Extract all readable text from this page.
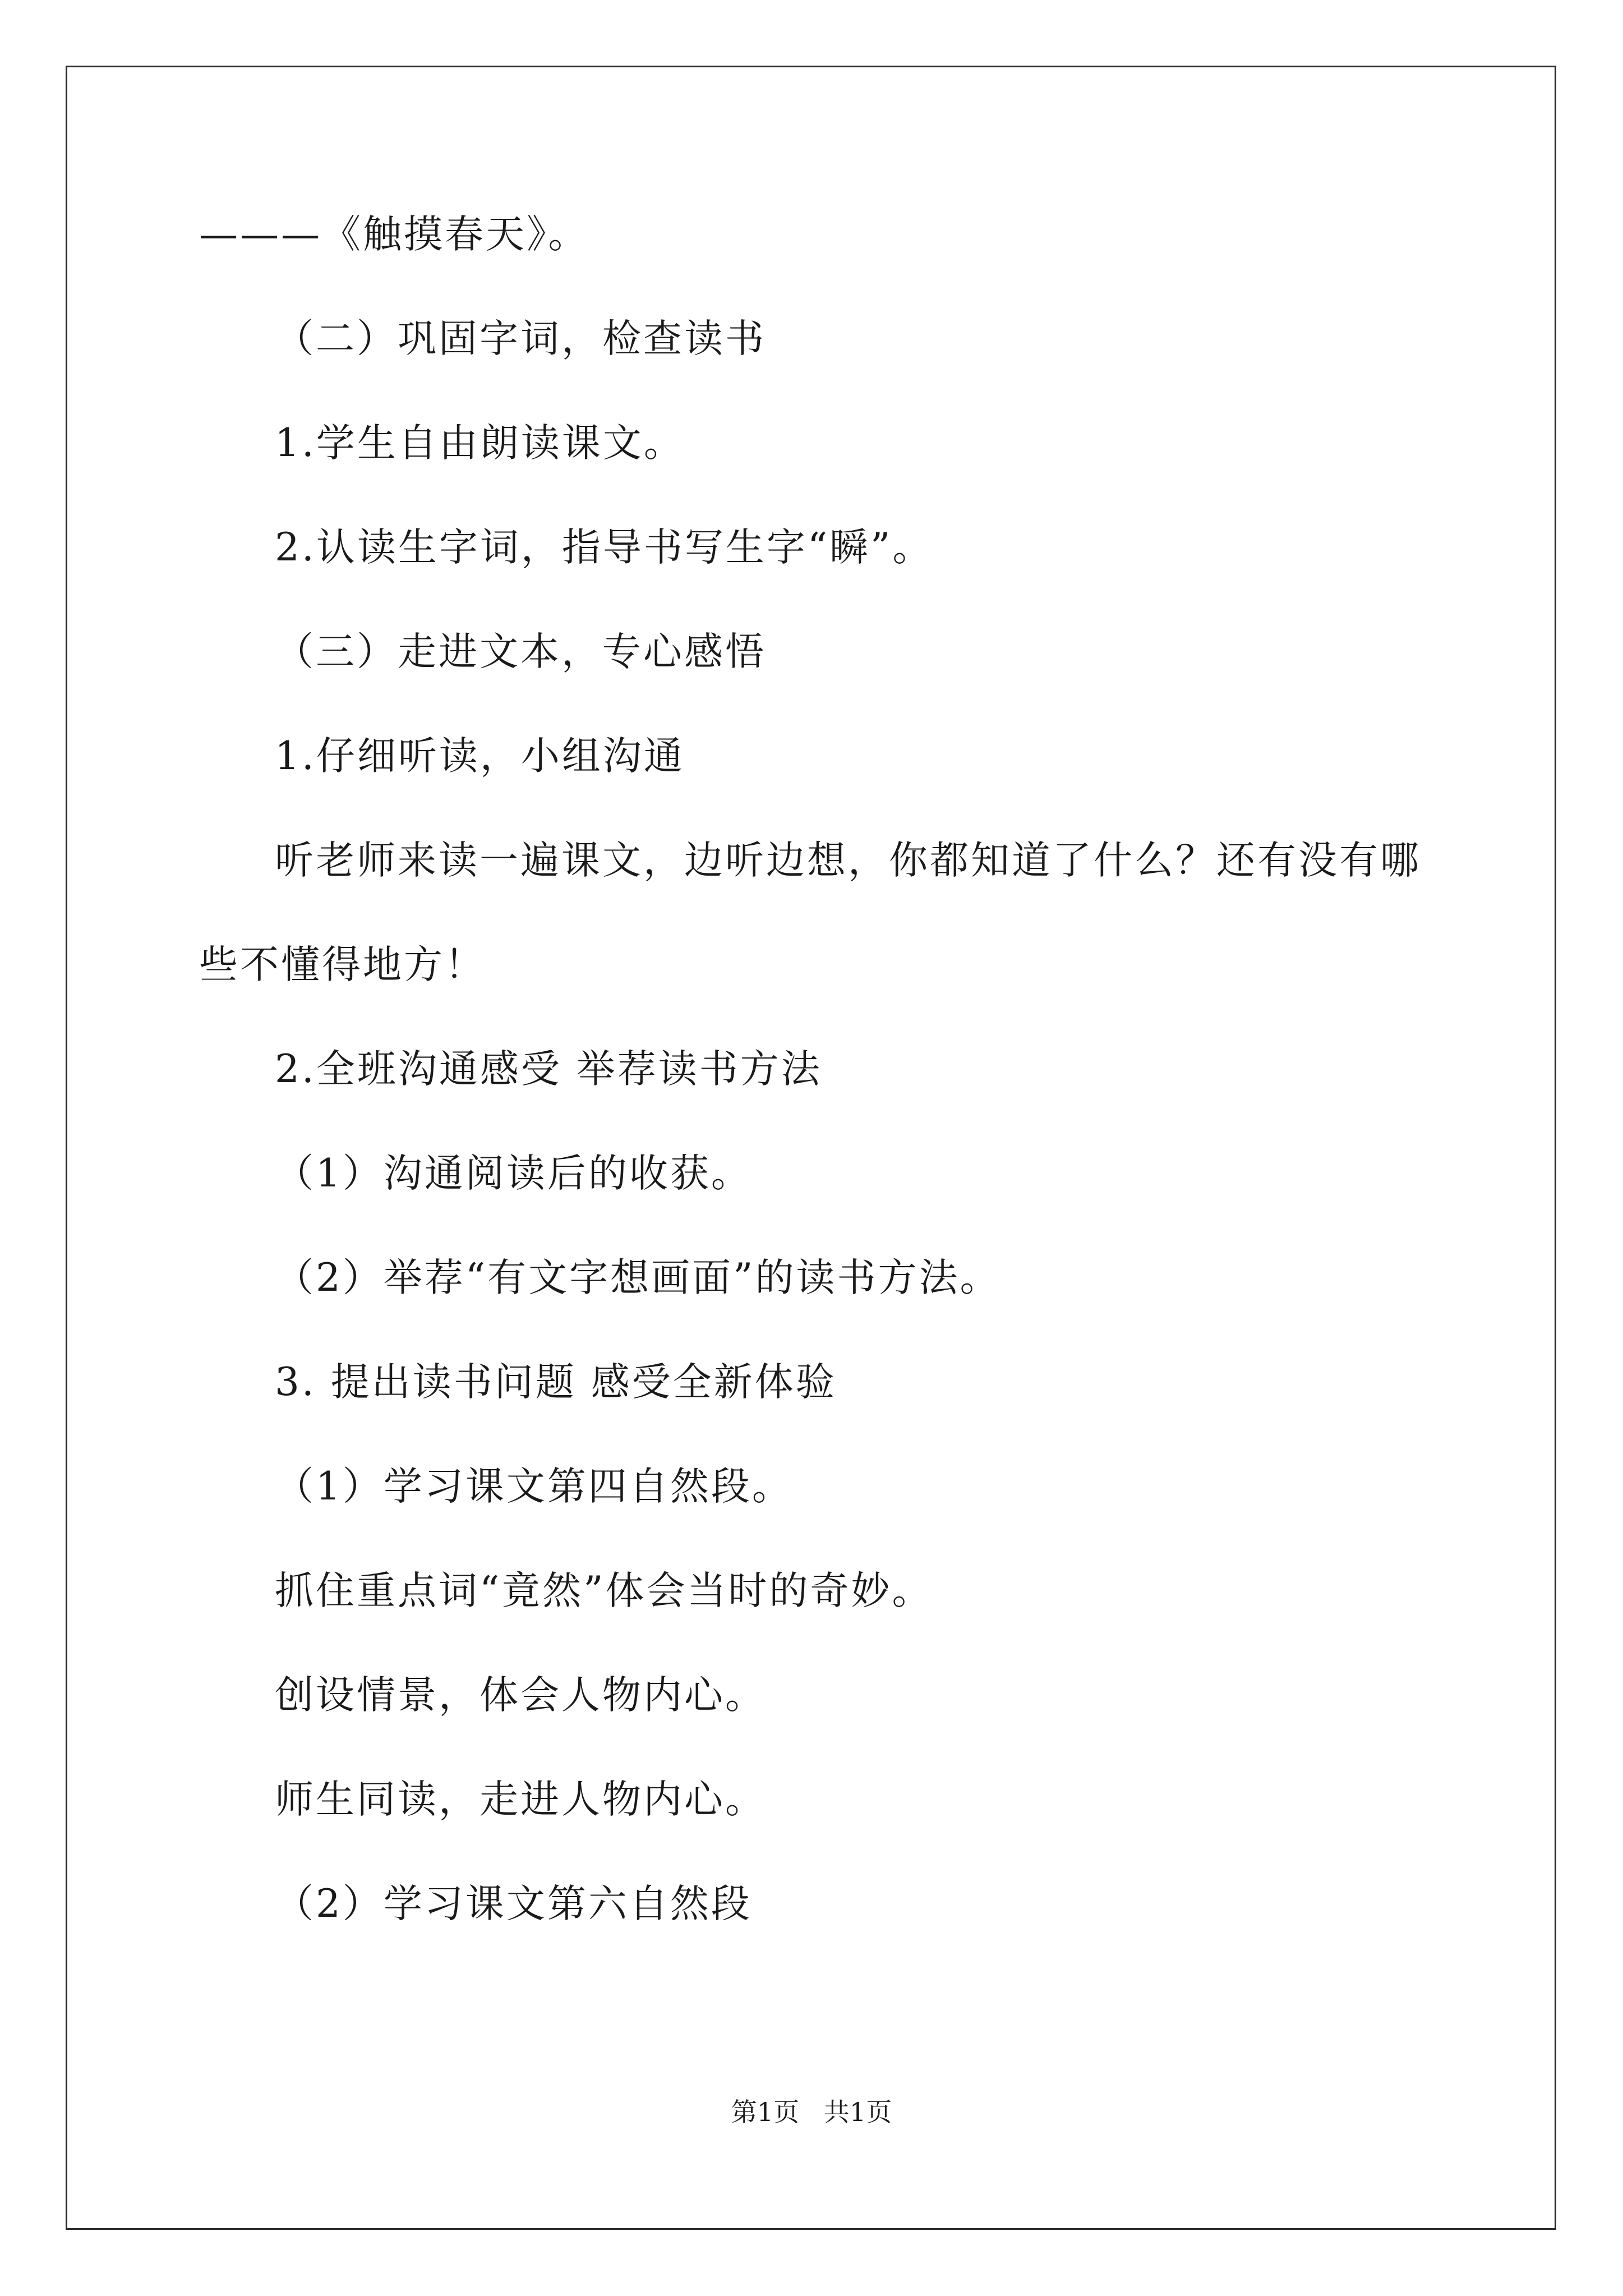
———《触摸春天》。
（二）巩固字词，检查读书
1.学生自由朗读课文。
2.认读生字词，指导书写生字“瞬”。
（三）走进文本，专心感悟
1.仔细听读，小组沟通
听老师来读一遍课文，边听边想，你都知道了什么？还有没有哪
些不懂得地方！
2.全班沟通感受 举荐读书方法
（1）沟通阅读后的收获。
（2）举荐“有文字想画面”的读书方法。
3. 提出读书问题 感受全新体验
（1）学习课文第四自然段。
抓住重点词“竟然”体会当时的奇妙。
创设情景，体会人物内心。
师生同读，走进人物内心。
（2）学习课文第六自然段
第1页   共1页
